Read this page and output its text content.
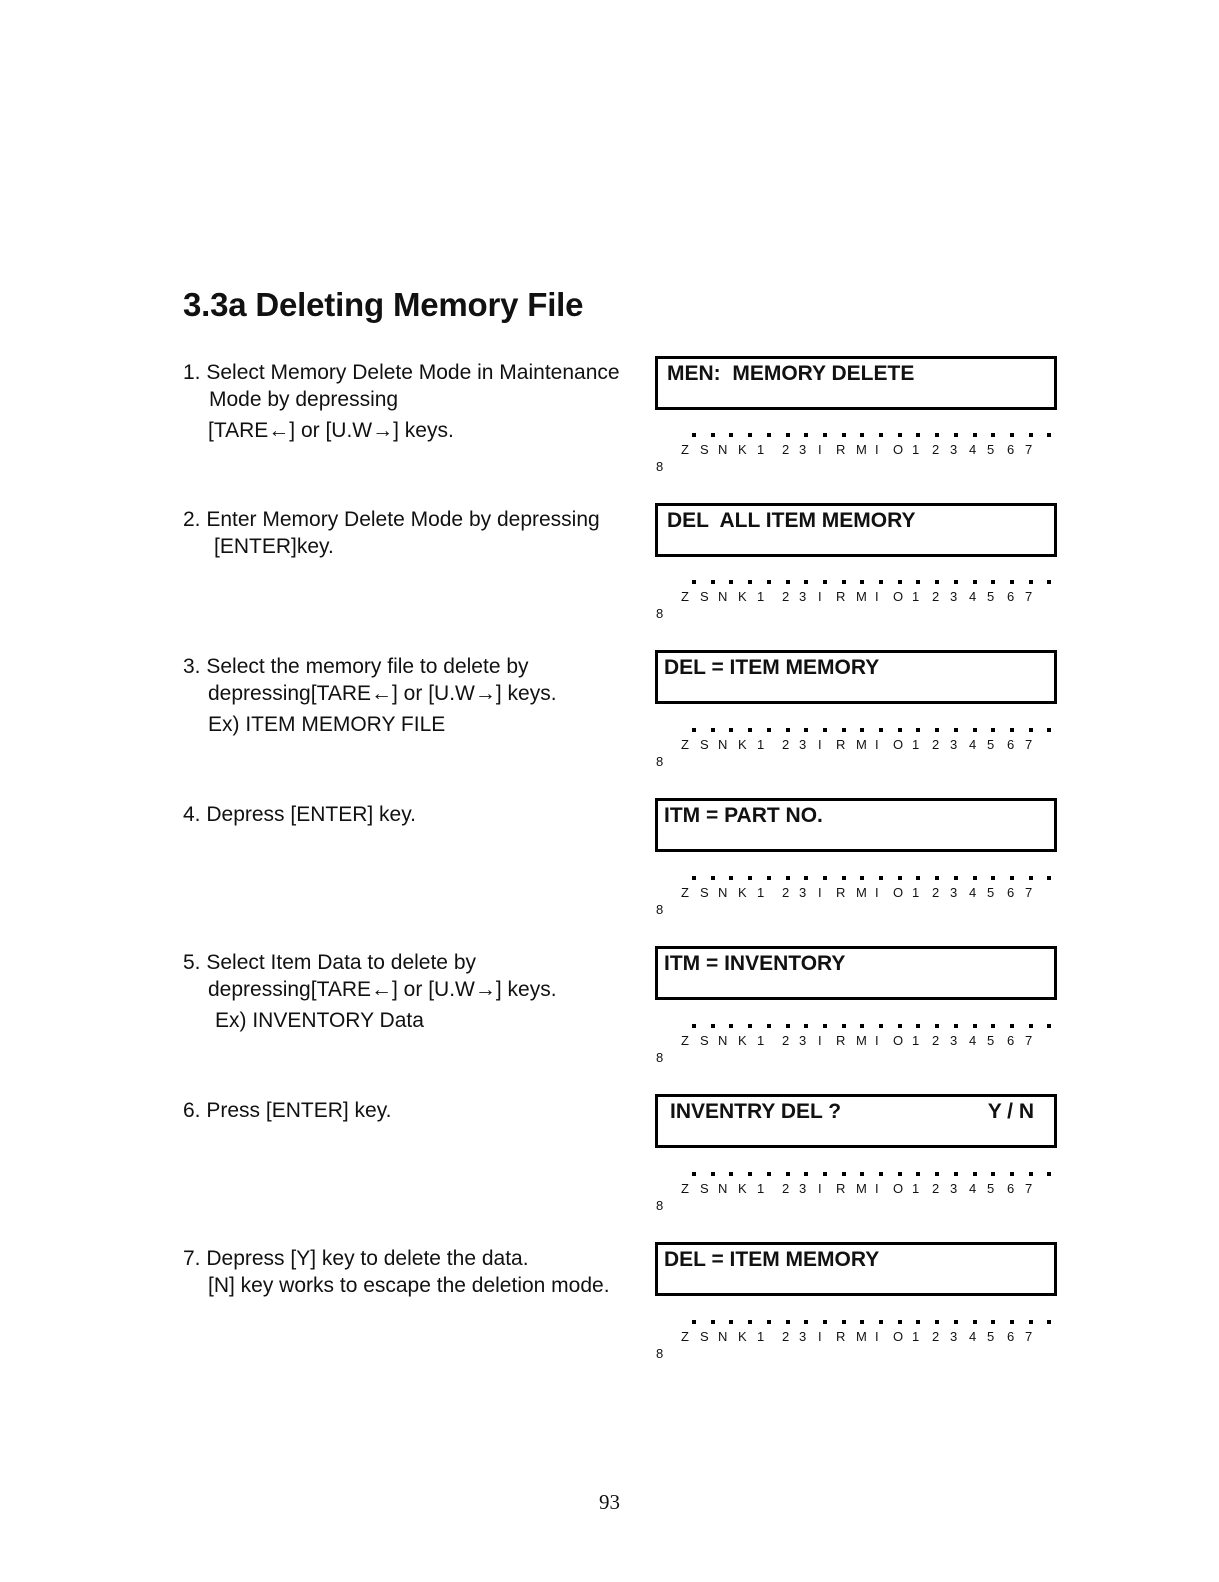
3.3a Deleting Memory File
1. Select Memory Delete Mode in Maintenance
Mode by depressing
[TARE←] or [U.W→] keys.
MEN:  MEMORY DELETE
2. Enter Memory Delete Mode by depressing
[ENTER]key.
DEL  ALL ITEM MEMORY
3. Select the memory file to delete by
depressing[TARE←] or [U.W→] keys.
Ex) ITEM MEMORY FILE
DEL = ITEM MEMORY
4. Depress [ENTER] key.	ITM = PART NO.
5. Select Item Data to delete by
depressing[TARE←] or [U.W→] keys.
Ex) INVENTORY Data
ITM = INVENTORY
6. Press [ENTER] key.	INVENTRY DEL ?	Y / N
7. Depress [Y] key to delete the data.
[N] key works to escape the deletion mode.
DEL = ITEM MEMORY
Z S N K 1 2 3 I R M I O 1 2 3 4 5 6 7
8
Z S N K 1 2 3 I R M I O 1 2 3 4 5 6 7
8
Z S N K 1 2 3 I R M I O 1 2 3 4 5 6 7
8
Z S N K 1 2 3 I R M I O 1 2 3 4 5 6 7
8
Z S N K 1 2 3 I R M I O 1 2 3 4 5 6 7
8
Z S N K 1 2 3 I R M I O 1 2 3 4 5 6 7
8
Z S N K 1 2 3 I R M I O 1 2 3 4 5 6 7
8
93
